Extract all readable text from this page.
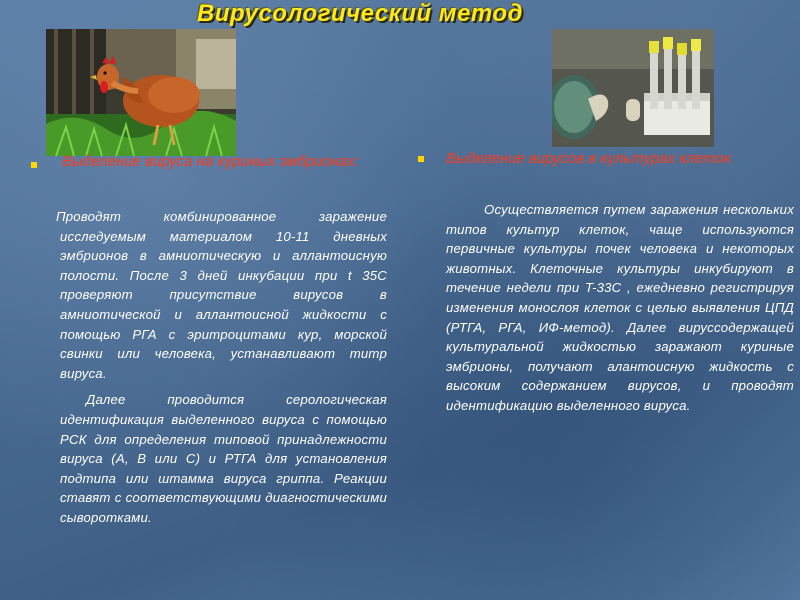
Вирусологический метод
Выделение вируса на куриных эмбрионах:

Проводят комбинированное заражение исследуемым материалом 10-11 дневных эмбрионов в амниотическую и аллантоисную полости. После 3 дней инкубации при t 35C проверяют присутствие вирусов в амниотической и аллантоисной жидкости с помощью РГА с эритроцитами кур, морской свинки или человека, устанавливают титр вируса.

Далее проводится серологическая идентификация выделенного вируса с помощью РСК для определения типовой принадлежности вируса (А, В или С) и РТГА для установления подтипа или штамма вируса гриппа. Реакции ставят с соответствующими диагностическими сыворотками.

Выделение вирусов в культурах клеток

Осуществляется путем заражения нескольких типов культур клеток, чаще используются первичные культуры почек человека и некоторых животных. Клеточные культуры инкубируют в течение недели при T-33C , ежедневно регистрируя изменения монослоя клеток с целью выявления ЦПД (РТГА, РГА, ИФ-метод). Далее вируссодержащей культуральной жидкостью заражают куриные эмбрионы, получают алантоисную жидкость с высоким содержанием вирусов, и проводят идентификацию выделенного вируса.
